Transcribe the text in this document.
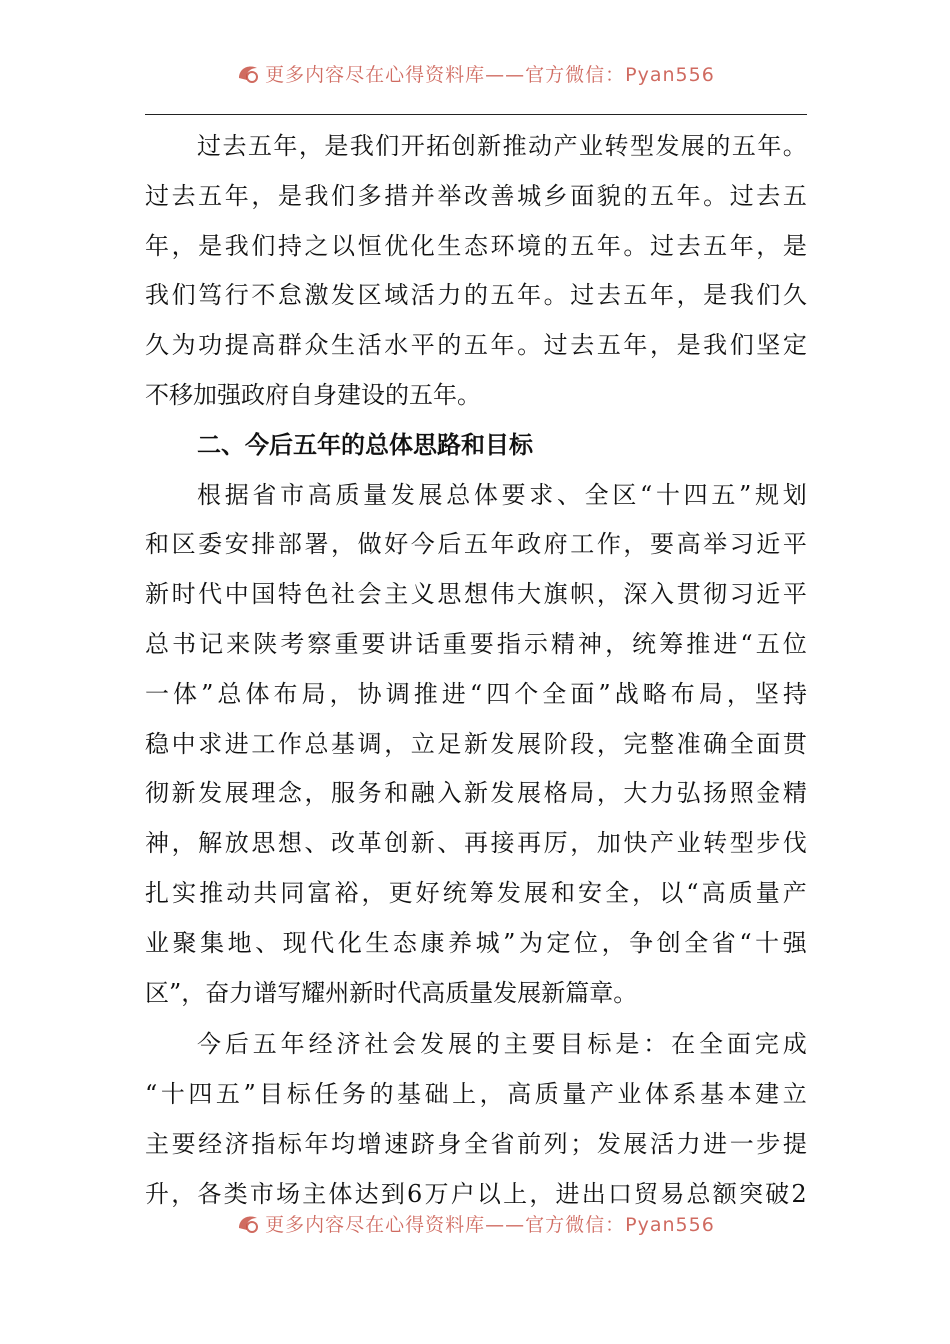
更多内容尽在心得资料库——官方微信：Pyan556
过 去 五 年 ， 是 我 们 开 拓 创 新 推 动 产 业 转 型 发 展 的 五 年 。
过 去 五 年 ， 是 我 们 多 措 并 举 改 善 城 乡 面 貌 的 五 年 。 过 去 五
年 ， 是 我 们 持 之 以 恒 优 化 生 态 环 境 的 五 年 。 过 去 五 年 ， 是
我 们 笃 行 不 怠 激 发 区 域 活 力 的 五 年 。 过 去 五 年 ， 是 我 们 久
久 为 功 提 高 群 众 生 活 水 平 的 五 年 。 过 去 五 年 ， 是 我 们 坚 定
不移加强政府自身建设的五年。
二、今后五年的总体思路和目标
根 据 省 市 高 质 量 发 展 总 体 要 求 、 全 区 “ 十 四 五 ” 规 划
和 区 委 安 排 部 署 ， 做 好 今 后 五 年 政 府 工 作 ， 要 高 举 习 近 平
新 时 代 中 国 特 色 社 会 主 义 思 想 伟 大 旗 帜 ， 深 入 贯 彻 习 近 平
总 书 记 来 陕 考 察 重 要 讲 话 重 要 指 示 精 神 ， 统 筹 推 进 “ 五 位
一 体 ” 总 体 布 局 ， 协 调 推 进 “ 四 个 全 面 ” 战 略 布 局 ， 坚 持
稳 中 求 进 工 作 总 基 调 ， 立 足 新 发 展 阶 段 ， 完 整 准 确 全 面 贯
彻 新 发 展 理 念 ， 服 务 和 融 入 新 发 展 格 局 ， 大 力 弘 扬 照 金 精
神 ， 解 放 思 想 、 改 革 创 新 、 再 接 再 厉 ， 加 快 产 业 转 型 步 伐
扎 实 推 动 共 同 富 裕 ， 更 好 统 筹 发 展 和 安 全 ， 以 “ 高 质 量 产
业 聚 集 地 、 现 代 化 生 态 康 养 城 ” 为 定 位 ， 争 创 全 省 “ 十 强
区”，奋力谱写耀州新时代高质量发展新篇章。
今 后 五 年 经 济 社 会 发 展 的 主 要 目 标 是 ： 在 全 面 完 成
“ 十 四 五 ” 目 标 任 务 的 基 础 上 ， 高 质 量 产 业 体 系 基 本 建 立
主 要 经 济 指 标 年 均 增 速 跻 身 全 省 前 列 ； 发 展 活 力 进 一 步 提
升 ， 各 类 市 场 主 体 达 到 6 万 户 以 上 ， 进 出 口 贸 易 总 额 突 破 2
更多内容尽在心得资料库——官方微信：Pyan556
